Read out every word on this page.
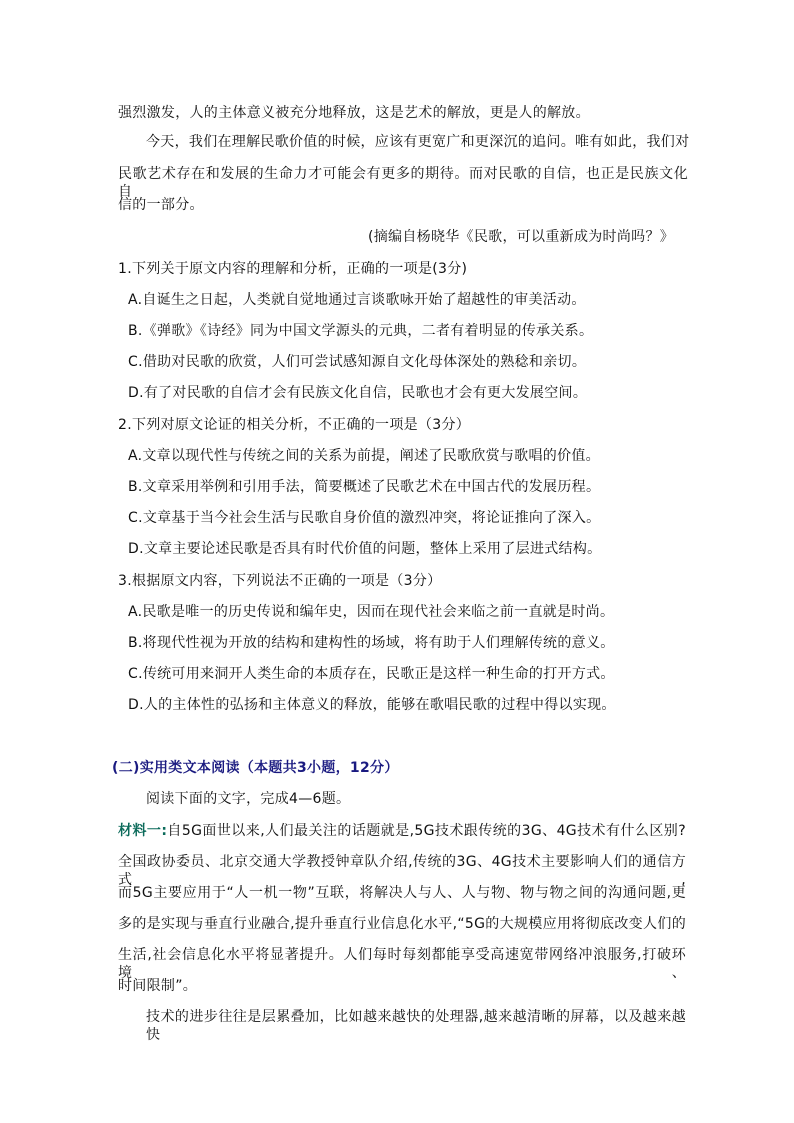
强烈激发，人的主体意义被充分地释放，这是艺术的解放，更是人的解放。
今天，我们在理解民歌价值的时候，应该有更宽广和更深沉的追问。唯有如此，我们对
民歌艺术存在和发展的生命力才可能会有更多的期待。而对民歌的自信，也正是民族文化自
信的一部分。
(摘编自杨晓华《民歌，可以重新成为时尚吗？》
1.下列关于原文内容的理解和分析，正确的一项是(3分)
A.自诞生之日起，人类就自觉地通过言谈歌咏开始了超越性的审美活动。
B.《弹歌》《诗经》同为中国文学源头的元典，二者有着明显的传承关系。
C.借助对民歌的欣赏，人们可尝试感知源自文化母体深处的熟稔和亲切。
D.有了对民歌的自信才会有民族文化自信，民歌也才会有更大发展空间。
2.下列对原文论证的相关分析，不正确的一项是（3分）
A.文章以现代性与传统之间的关系为前提，阐述了民歌欣赏与歌唱的价值。
B.文章采用举例和引用手法，简要概述了民歌艺术在中国古代的发展历程。
C.文章基于当今社会生活与民歌自身价值的激烈冲突，将论证推向了深入。
D.文章主要论述民歌是否具有时代价值的问题，整体上采用了层进式结构。
3.根据原文内容，下列说法不正确的一项是（3分）
A.民歌是唯一的历史传说和编年史，因而在现代社会来临之前一直就是时尚。
B.将现代性视为开放的结构和建构性的场域，将有助于人们理解传统的意义。
C.传统可用来洞开人类生命的本质存在，民歌正是这样一种生命的打开方式。
D.人的主体性的弘扬和主体意义的释放，能够在歌唱民歌的过程中得以实现。
(二)实用类文本阅读（本题共3小题，12分）
阅读下面的文字，完成4—6题。
材料一:自5G面世以来,人们最关注的话题就是,5G技术跟传统的3G、4G技术有什么区别?
全国政协委员、北京交通大学教授钟章队介绍,传统的3G、4G技术主要影响人们的通信方式,
而5G主要应用于“人一机一物”互联，将解决人与人、人与物、物与物之间的沟通问题,更
多的是实现与垂直行业融合,提升垂直行业信息化水平,“5G的大规模应用将彻底改变人们的
生活,社会信息化水平将显著提升。人们每时每刻都能享受高速宽带网络冲浪服务,打破环境、
时间限制”。
技术的进步往往是层累叠加，比如越来越快的处理器,越来越清晰的屏幕，以及越来越快
